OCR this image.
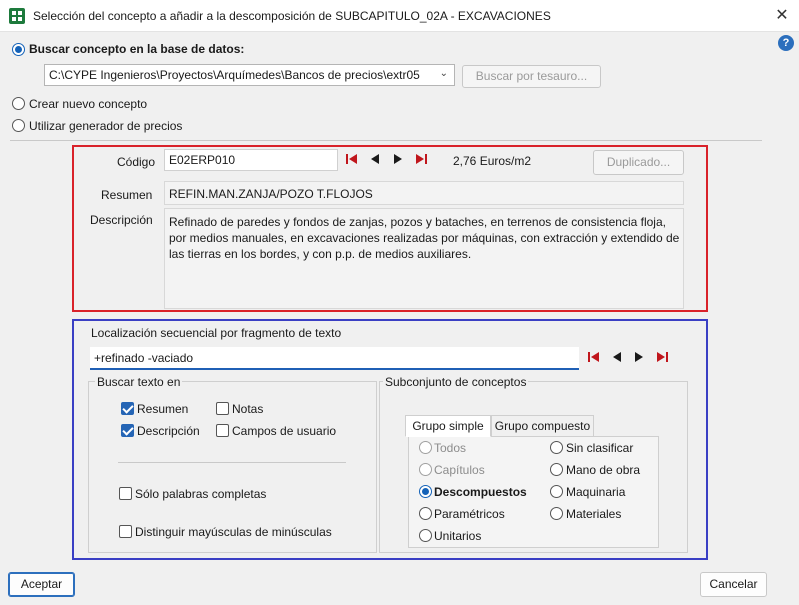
Selección del concepto a añadir a la descomposición de SUBCAPITULO_02A - EXCAVACIONES	✕
?
Buscar concepto en la base de datos:
C:\CYPE Ingenieros\Proyectos\Arquímedes\Bancos de precios\extr05 ⌄	Buscar por tesauro...
Crear nuevo concepto
Utilizar generador de precios
Código E02ERP010	2,76 Euros/m2	Duplicado...
Resumen REFIN.MAN.ZANJA/POZO T.FLOJOS
Descripción Refinado de paredes y fondos de zanjas, pozos y bataches, en terrenos de consistencia floja, por medios manuales, en excavaciones realizadas por máquinas, con extracción y extendido de las tierras en los bordes, y con p.p. de medios auxiliares.
Localización secuencial por fragmento de texto
+refinado -vaciado
Buscar texto en
Resumen	Notas
Descripción	Campos de usuario
Sólo palabras completas
Distinguir mayúsculas de minúsculas
Subconjunto de conceptos
Grupo simple Grupo compuesto
Todos
Capítulos
Descompuestos
Paramétricos
Unitarios
Sin clasificar
Mano de obra
Maquinaria
Materiales
Aceptar	Cancelar
